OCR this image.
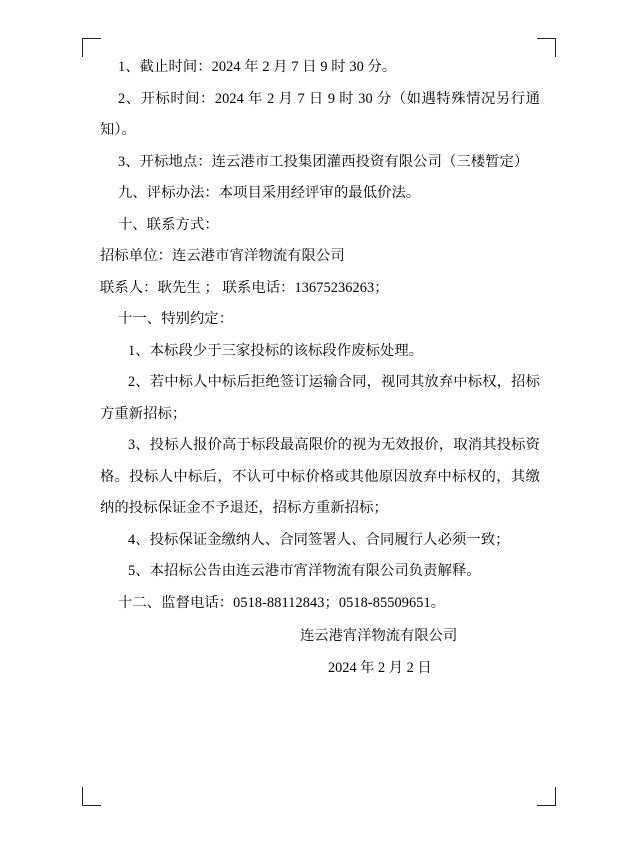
1、截止时间：2024 年 2 月 7 日 9 时 30 分。

2、开标时间：2024 年 2 月 7 日 9 时 30 分（如遇特殊情况另行通知）。

3、开标地点：连云港市工投集团灌西投资有限公司（三楼暂定）

九、评标办法：本项目采用经评审的最低价法。

十、联系方式：

招标单位：连云港市宵洋物流有限公司

联系人：耿先生 ； 联系电话：13675236263；

十一、特别约定：

1、本标段少于三家投标的该标段作废标处理。

2、若中标人中标后拒绝签订运输合同，视同其放弃中标权，招标方重新招标；

3、投标人报价高于标段最高限价的视为无效报价，取消其投标资格。投标人中标后，不认可中标价格或其他原因放弃中标权的，其缴纳的投标保证金不予退还，招标方重新招标；

4、投标保证金缴纳人、合同签署人、合同履行人必须一致；

5、本招标公告由连云港市宵洋物流有限公司负责解释。

十二、监督电话：0518-88112843；0518-85509651。

连云港宵洋物流有限公司

2024 年 2 月 2 日
